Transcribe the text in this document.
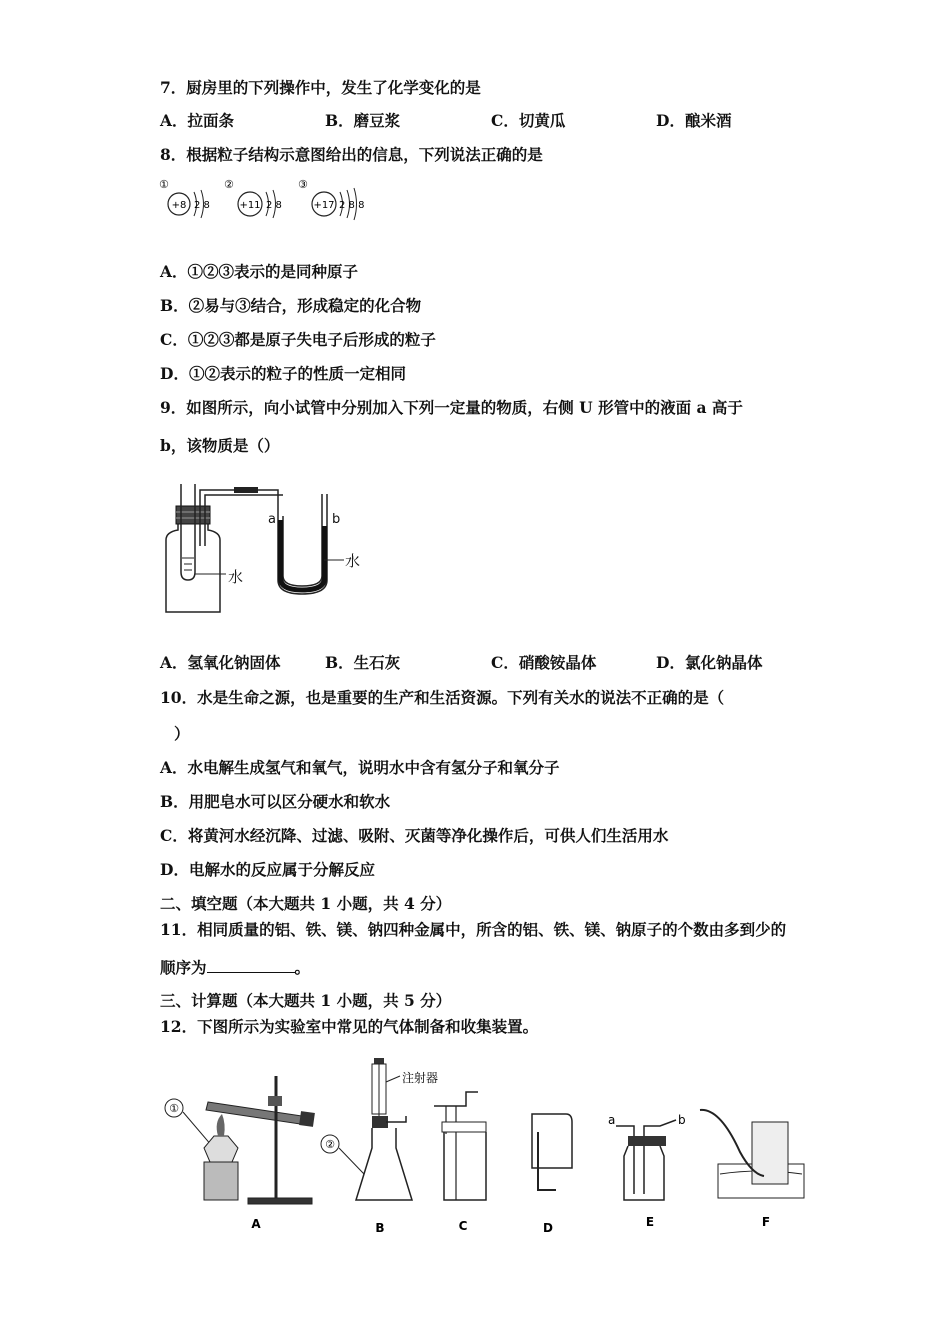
7．厨房里的下列操作中，发生了化学变化的是
A．拉面条	B．磨豆浆	C．切黄瓜	D．酿米酒
8．根据粒子结构示意图给出的信息，下列说法正确的是
①
+8 2 8
②
+11 2 8
③
+17 2 8 8
A．①②③表示的是同种原子
B．②易与③结合，形成稳定的化合物
C．①②③都是原子失电子后形成的粒子
D．①②表示的粒子的性质一定相同
9．如图所示，向小试管中分别加入下列一定量的物质，右侧 U 形管中的液面 a 高于
b，该物质是（）
a	b
水
水
A．氢氧化钠固体	B．生石灰	C．硝酸铵晶体	D．氯化钠晶体
10．水是生命之源，也是重要的生产和生活资源。下列有关水的说法不正确的是（
）
A．水电解生成氢气和氧气，说明水中含有氢分子和氧分子
B．用肥皂水可以区分硬水和软水
C．将黄河水经沉降、过滤、吸附、灭菌等净化操作后，可供人们生活用水
D．电解水的反应属于分解反应
二、填空题（本大题共 1 小题，共 4 分）
11．相同质量的铝、铁、镁、钠四种金属中，所含的铝、铁、镁、钠原子的个数由多到少的
顺序为	。
三、计算题（本大题共 1 小题，共 5 分）
12．下图所示为实验室中常见的气体制备和收集装置。
①
注射器
②
a	b
A	B	C	D	E	F
